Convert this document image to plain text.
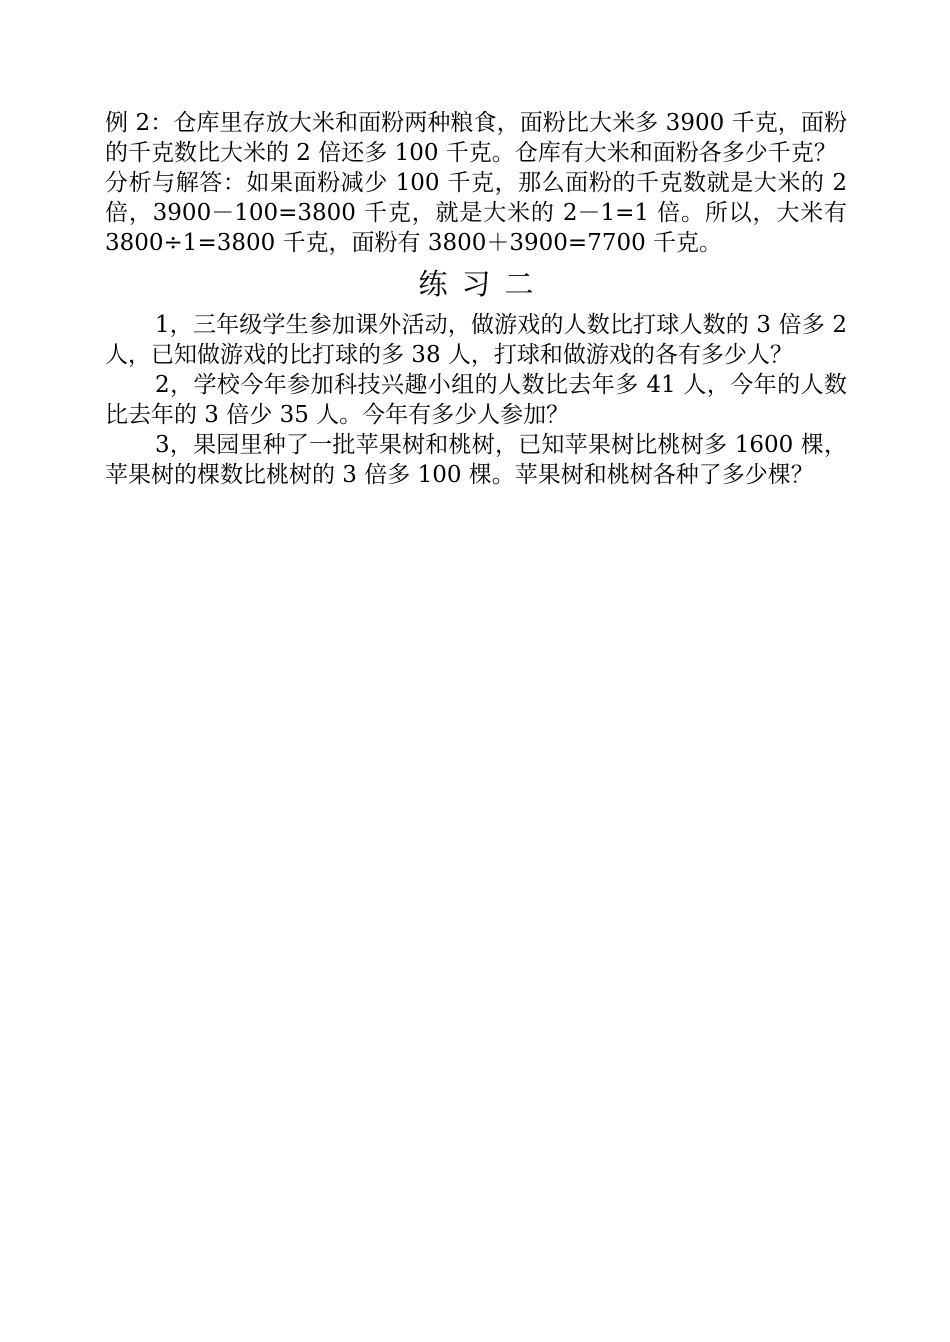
例 2：仓库里存放大米和面粉两种粮食，面粉比大米多 3900 千克，面粉的千克数比大米的 2 倍还多 100 千克。仓库有大米和面粉各多少千克？

分析与解答：如果面粉减少 100 千克，那么面粉的千克数就是大米的 2 倍，3900－100=3800 千克，就是大米的 2－1=1 倍。所以，大米有 3800÷1=3800 千克，面粉有 3800＋3900=7700 千克。

练习二

1，三年级学生参加课外活动，做游戏的人数比打球人数的 3 倍多 2 人，已知做游戏的比打球的多 38 人，打球和做游戏的各有多少人？

2，学校今年参加科技兴趣小组的人数比去年多 41 人，今年的人数比去年的 3 倍少 35 人。今年有多少人参加？

3，果园里种了一批苹果树和桃树，已知苹果树比桃树多 1600 棵，苹果树的棵数比桃树的 3 倍多 100 棵。苹果树和桃树各种了多少棵？
